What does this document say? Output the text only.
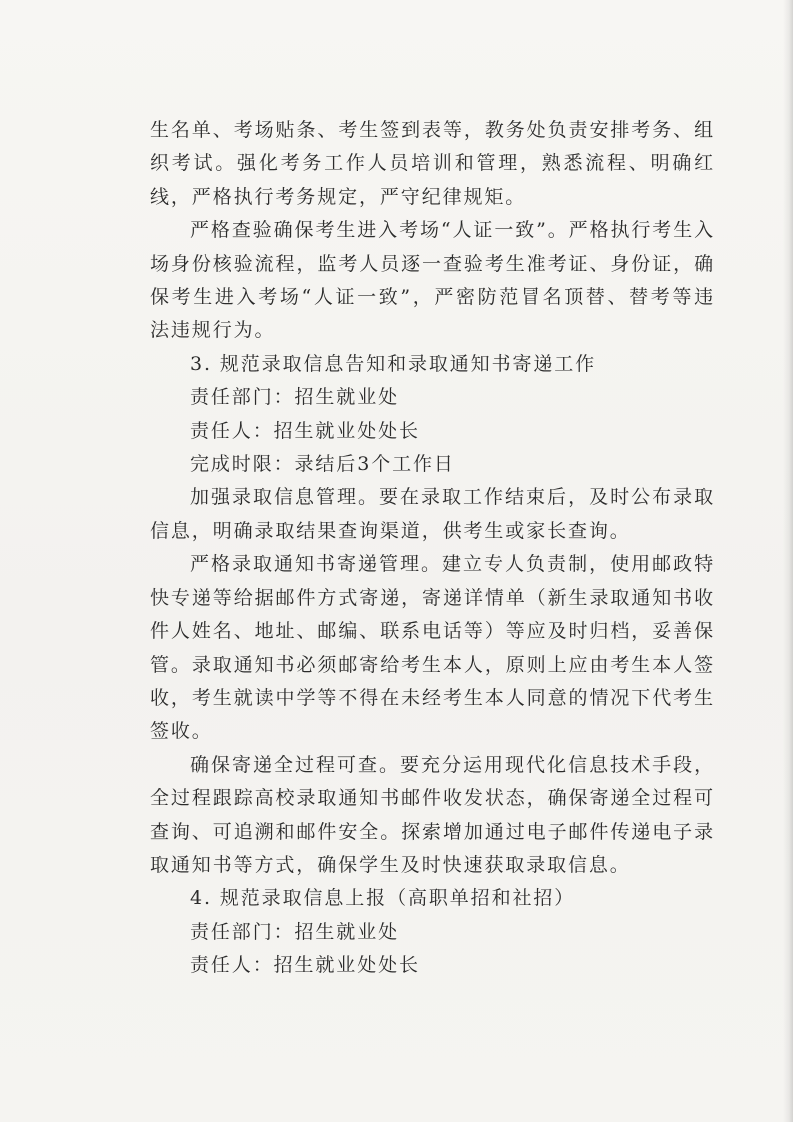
生名单、考场贴条、考生签到表等，教务处负责安排考务、组织考试。强化考务工作人员培训和管理，熟悉流程、明确红线，严格执行考务规定，严守纪律规矩。

严格查验确保考生进入考场“人证一致”。严格执行考生入场身份核验流程，监考人员逐一查验考生准考证、身份证，确保考生进入考场“人证一致”，严密防范冒名顶替、替考等违法违规行为。

3. 规范录取信息告知和录取通知书寄递工作

责任部门：招生就业处

责任人：招生就业处处长

完成时限：录结后3个工作日

加强录取信息管理。要在录取工作结束后，及时公布录取信息，明确录取结果查询渠道，供考生或家长查询。

严格录取通知书寄递管理。建立专人负责制，使用邮政特快专递等给据邮件方式寄递，寄递详情单（新生录取通知书收件人姓名、地址、邮编、联系电话等）等应及时归档，妥善保管。录取通知书必须邮寄给考生本人，原则上应由考生本人签收，考生就读中学等不得在未经考生本人同意的情况下代考生签收。

确保寄递全过程可查。要充分运用现代化信息技术手段，全过程跟踪高校录取通知书邮件收发状态，确保寄递全过程可查询、可追溯和邮件安全。探索增加通过电子邮件传递电子录取通知书等方式，确保学生及时快速获取录取信息。

4. 规范录取信息上报（高职单招和社招）

责任部门：招生就业处

责任人：招生就业处处长
